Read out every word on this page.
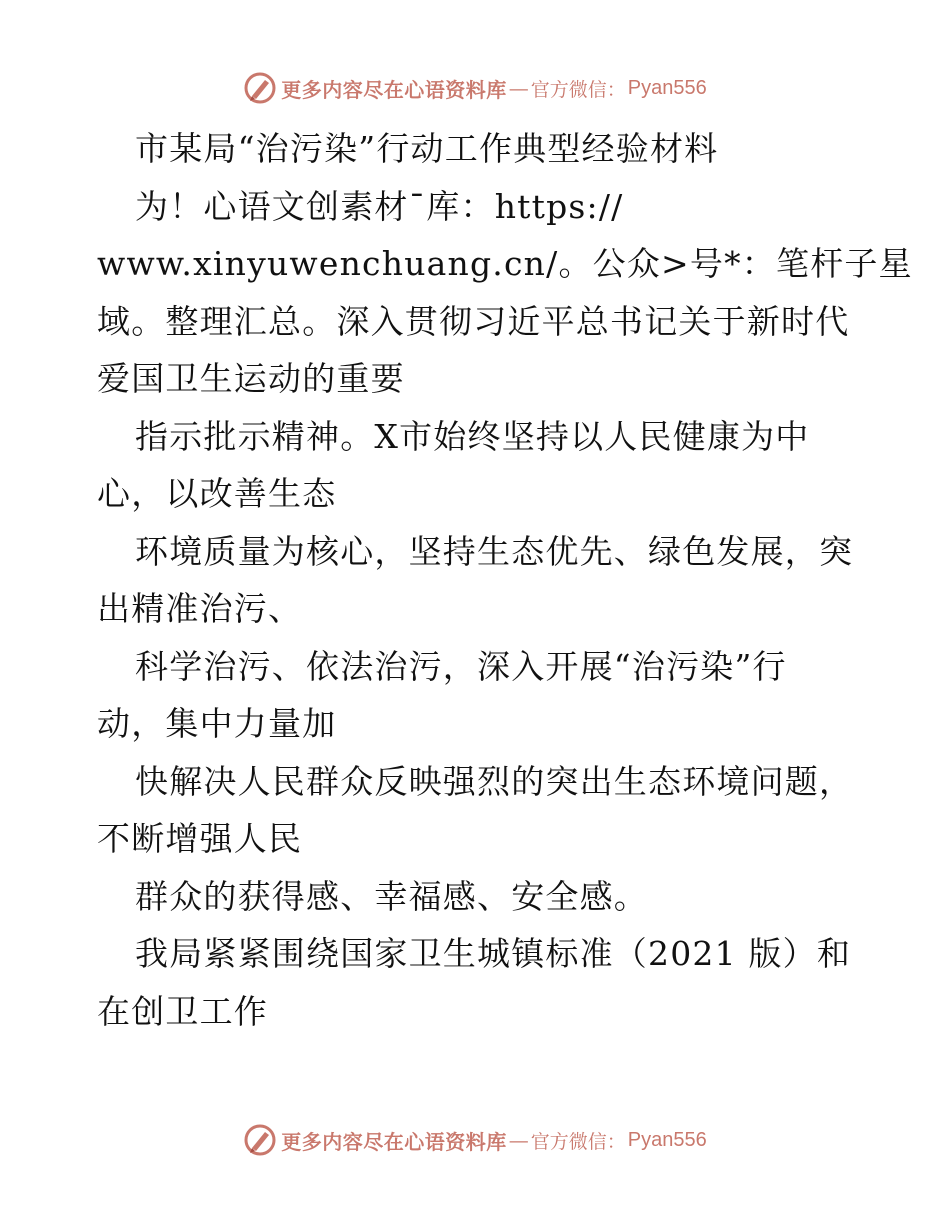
更多内容尽在心语资料库 — 官方微信： Pyan556
市某局“治污染”行动工作典型经验材料
为！心语文创素材¯库：https://
www.xinyuwenchuang.cn/。公众>号*：笔杆子星
域。整理汇总。深入贯彻习近平总书记关于新时代
爱国卫生运动的重要
指示批示精神。X市始终坚持以人民健康为中
心，以改善生态
环境质量为核心，坚持生态优先、绿色发展，突
出精准治污、
科学治污、依法治污，深入开展“治污染”行
动，集中力量加
快解决人民群众反映强烈的突出生态环境问题，
不断增强人民
群众的获得感、幸福感、安全感。
我局紧紧围绕国家卫生城镇标准（2021 版）和
在创卫工作
更多内容尽在心语资料库 — 官方微信： Pyan556
